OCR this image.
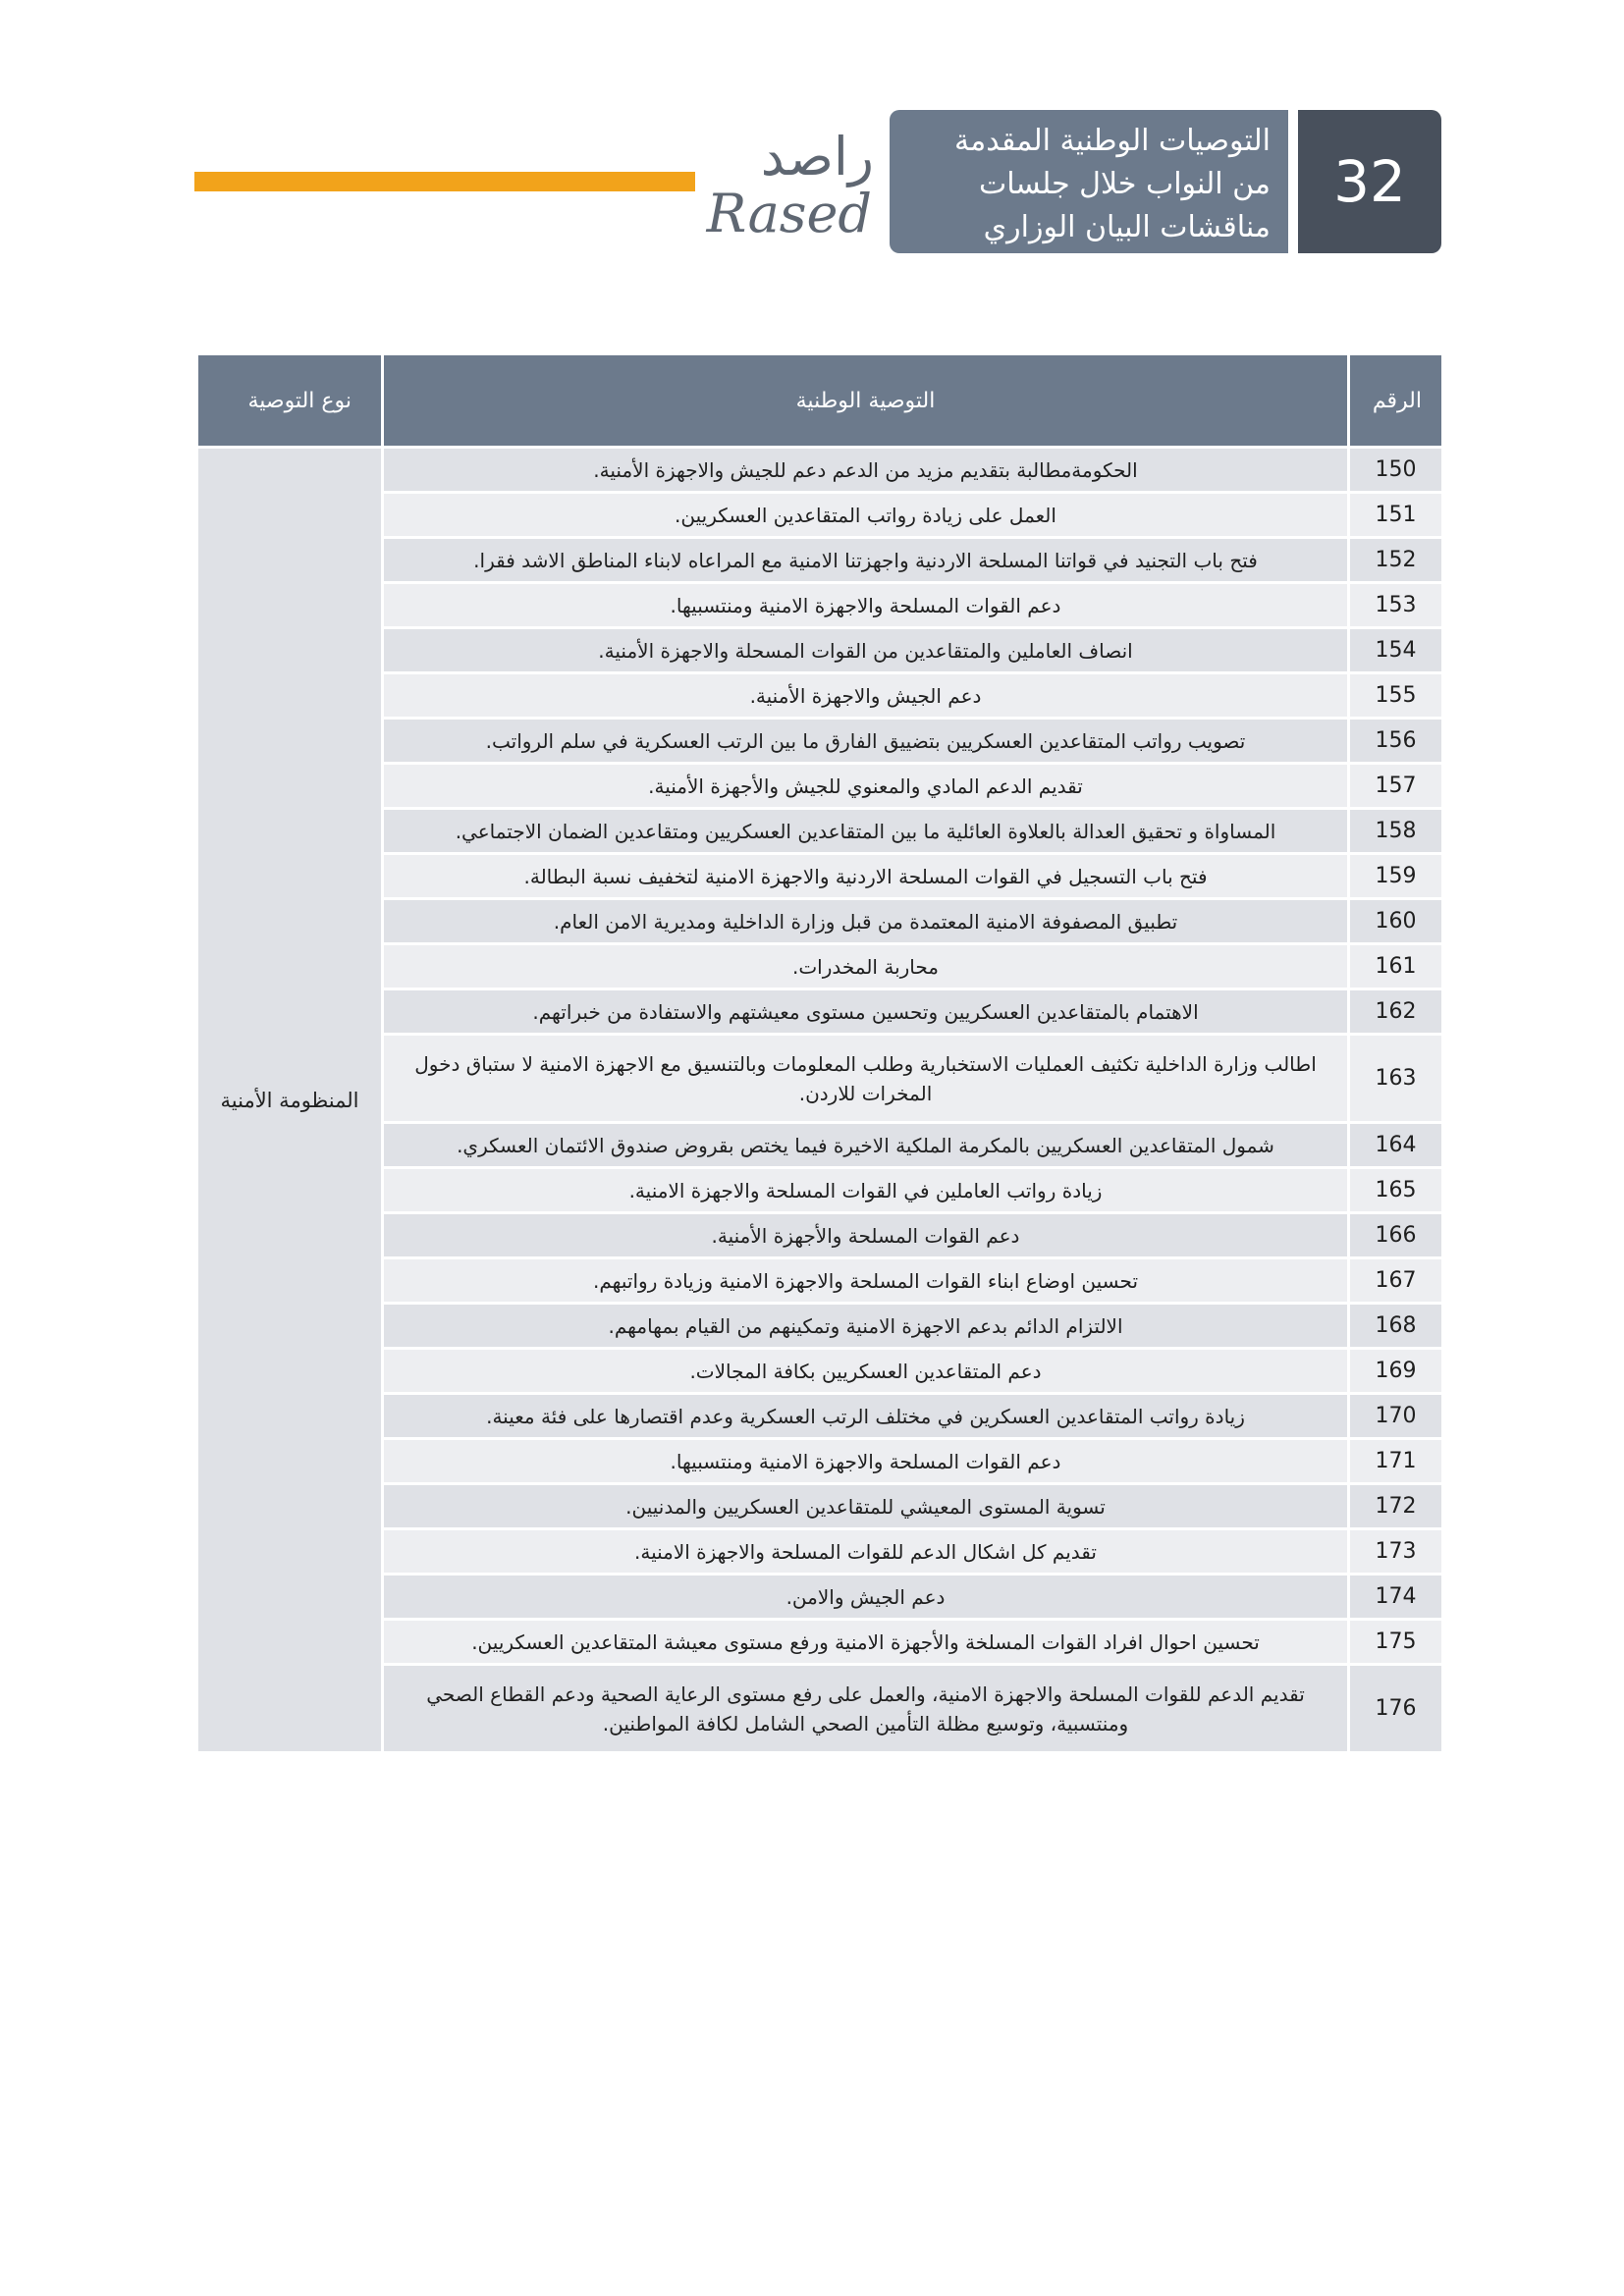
راصد
Rased
التوصيات الوطنية المقدمة
من النواب خلال جلسات
مناقشات البيان الوزاري
32
الرقم	التوصية الوطنية	نوع التوصية
150	الحكومةمطالبة بتقديم مزيد من الدعم دعم للجيش والاجهزة الأمنية.	المنظومة الأمنية
151	العمل على زيادة رواتب المتقاعدين العسكريين.	
152	فتح باب التجنيد في قواتنا المسلحة الاردنية واجهزتنا الامنية مع المراعاه لابناء المناطق الاشد فقرا.	
153	دعم القوات المسلحة والاجهزة الامنية ومنتسبيها.	
154	انصاف العاملين والمتقاعدين من القوات المسحلة والاجهزة الأمنية.	
155	دعم الجيش والاجهزة الأمنية.	
156	تصويب رواتب المتقاعدين العسكريين بتضييق الفارق ما بين الرتب العسكرية في سلم الرواتب.	
157	تقديم الدعم المادي والمعنوي للجيش والأجهزة الأمنية.	
158	المساواة و تحقيق العدالة بالعلاوة العائلية ما بين المتقاعدين العسكريين ومتقاعدين الضمان الاجتماعي.	
159	فتح باب التسجيل في القوات المسلحة الاردنية والاجهزة الامنية لتخفيف نسبة البطالة.	
160	تطبيق المصفوفة الامنية المعتمدة من قبل وزارة الداخلية ومديرية الامن العام.	
161	محاربة المخدرات.	
162	الاهتمام بالمتقاعدين العسكريين وتحسين مستوى معيشتهم والاستفادة من خبراتهم.	
163	اطالب وزارة الداخلية تكثيف العمليات الاستخبارية وطلب المعلومات وبالتنسيق مع الاجهزة الامنية لا ستباق دخول المخرات للاردن.	
164	شمول المتقاعدين العسكريين بالمكرمة الملكية الاخيرة فيما يختص بقروض صندوق الائتمان العسكري.	
165	زيادة رواتب العاملين في القوات المسلحة والاجهزة الامنية.	
166	دعم القوات المسلحة والأجهزة الأمنية.	
167	تحسين اوضاع ابناء القوات المسلحة والاجهزة الامنية وزيادة رواتبهم.	
168	الالتزام الدائم بدعم الاجهزة الامنية وتمكينهم من القيام بمهامهم.	
169	دعم المتقاعدين العسكريين بكافة المجالات.	
170	زيادة رواتب المتقاعدين العسكرين في مختلف الرتب العسكرية وعدم اقتصارها على فئة معينة.	
171	دعم القوات المسلحة والاجهزة الامنية ومنتسبيها.	
172	تسوية المستوى المعيشي للمتقاعدين العسكريين والمدنيين.	
173	تقديم كل اشكال الدعم للقوات المسلحة والاجهزة الامنية.	
174	دعم الجيش والامن.	
175	تحسين احوال افراد القوات المسلخة والأجهزة الامنية ورفع مستوى معيشة المتقاعدين العسكريين.	
176	تقديم الدعم للقوات المسلحة والاجهزة الامنية، والعمل على رفع مستوى الرعاية الصحية ودعم القطاع الصحي ومنتسبية، وتوسيع مظلة التأمين الصحي الشامل لكافة المواطنين.	
